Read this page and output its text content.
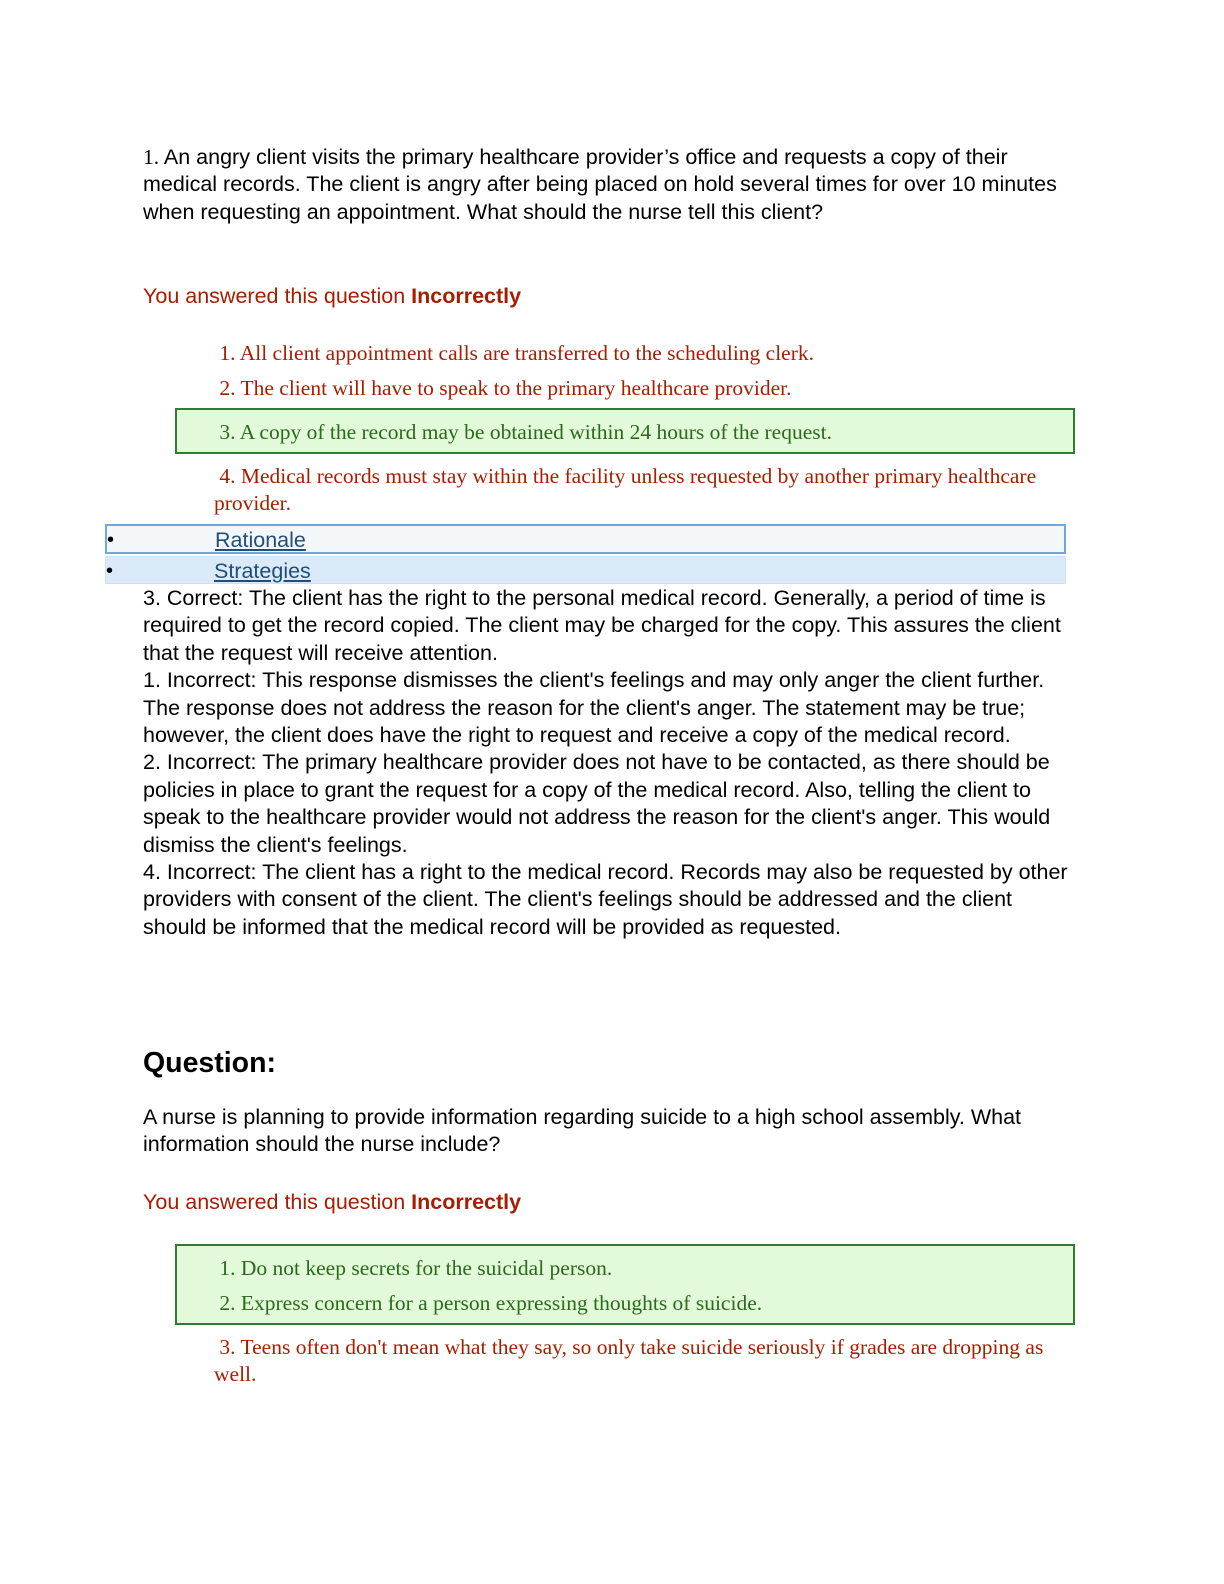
1. An angry client visits the primary healthcare provider’s office and requests a copy of their medical records. The client is angry after being placed on hold several times for over 10 minutes when requesting an appointment. What should the nurse tell this client?
You answered this question Incorrectly
1. All client appointment calls are transferred to the scheduling clerk.
2. The client will have to speak to the primary healthcare provider.
3. A copy of the record may be obtained within 24 hours of the request.
4. Medical records must stay within the facility unless requested by another primary healthcare provider.
•	Rationale
•	Strategies

3. Correct: The client has the right to the personal medical record. Generally, a period of time is required to get the record copied. The client may be charged for the copy. This assures the client that the request will receive attention.

1. Incorrect: This response dismisses the client's feelings and may only anger the client further. The response does not address the reason for the client's anger. The statement may be true; however, the client does have the right to request and receive a copy of the medical record.

2. Incorrect: The primary healthcare provider does not have to be contacted, as there should be policies in place to grant the request for a copy of the medical record. Also, telling the client to speak to the healthcare provider would not address the reason for the client's anger. This would dismiss the client's feelings.

4. Incorrect: The client has a right to the medical record. Records may also be requested by other providers with consent of the client. The client's feelings should be addressed and the client should be informed that the medical record will be provided as requested.

Question:
A nurse is planning to provide information regarding suicide to a high school assembly. What information should the nurse include?
You answered this question Incorrectly
1. Do not keep secrets for the suicidal person.
2. Express concern for a person expressing thoughts of suicide.
3. Teens often don't mean what they say, so only take suicide seriously if grades are dropping as well.
